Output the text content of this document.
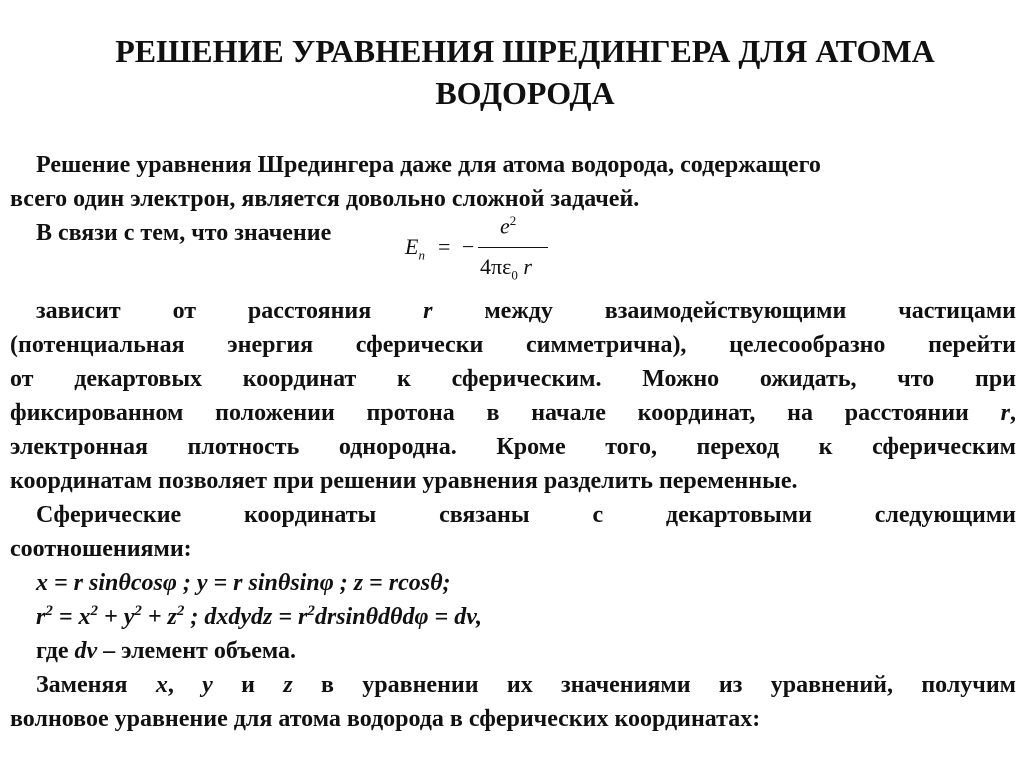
РЕШЕНИЕ УРАВНЕНИЯ ШРЕДИНГЕРА ДЛЯ АТОМА
ВОДОРОДА
Решение уравнения Шредингера даже для атома водорода, содержащего
всего один электрон, является довольно сложной задачей.
В связи с тем, что значение
$E_n$ = −
$e^2$
$4\pi\varepsilon_0$ r
зависит от расстояния r между взаимодействующими частицами
(потенциальная энергия сферически симметрична), целесообразно перейти
от декартовых координат к сферическим. Можно ожидать, что при
фиксированном положении протона в начале координат, на расстоянии r,
электронная плотность однородна. Кроме того, переход к сферическим
координатам позволяет при решении уравнения разделить переменные.
Сферические координаты связаны с декартовыми следующими
соотношениями:
x = r sinθcosφ ; y = r sinθsinφ ; z = rcosθ;
$r^2 = x^2 + y^2 + z^2$ ; dxdydz = $r^2drsin\theta d\theta d\varphi$ = dv,
где dv – элемент объема.
Заменяя x, y и z в уравнении их значениями из уравнений, получим
волновое уравнение для атома водорода в сферических координатах:
